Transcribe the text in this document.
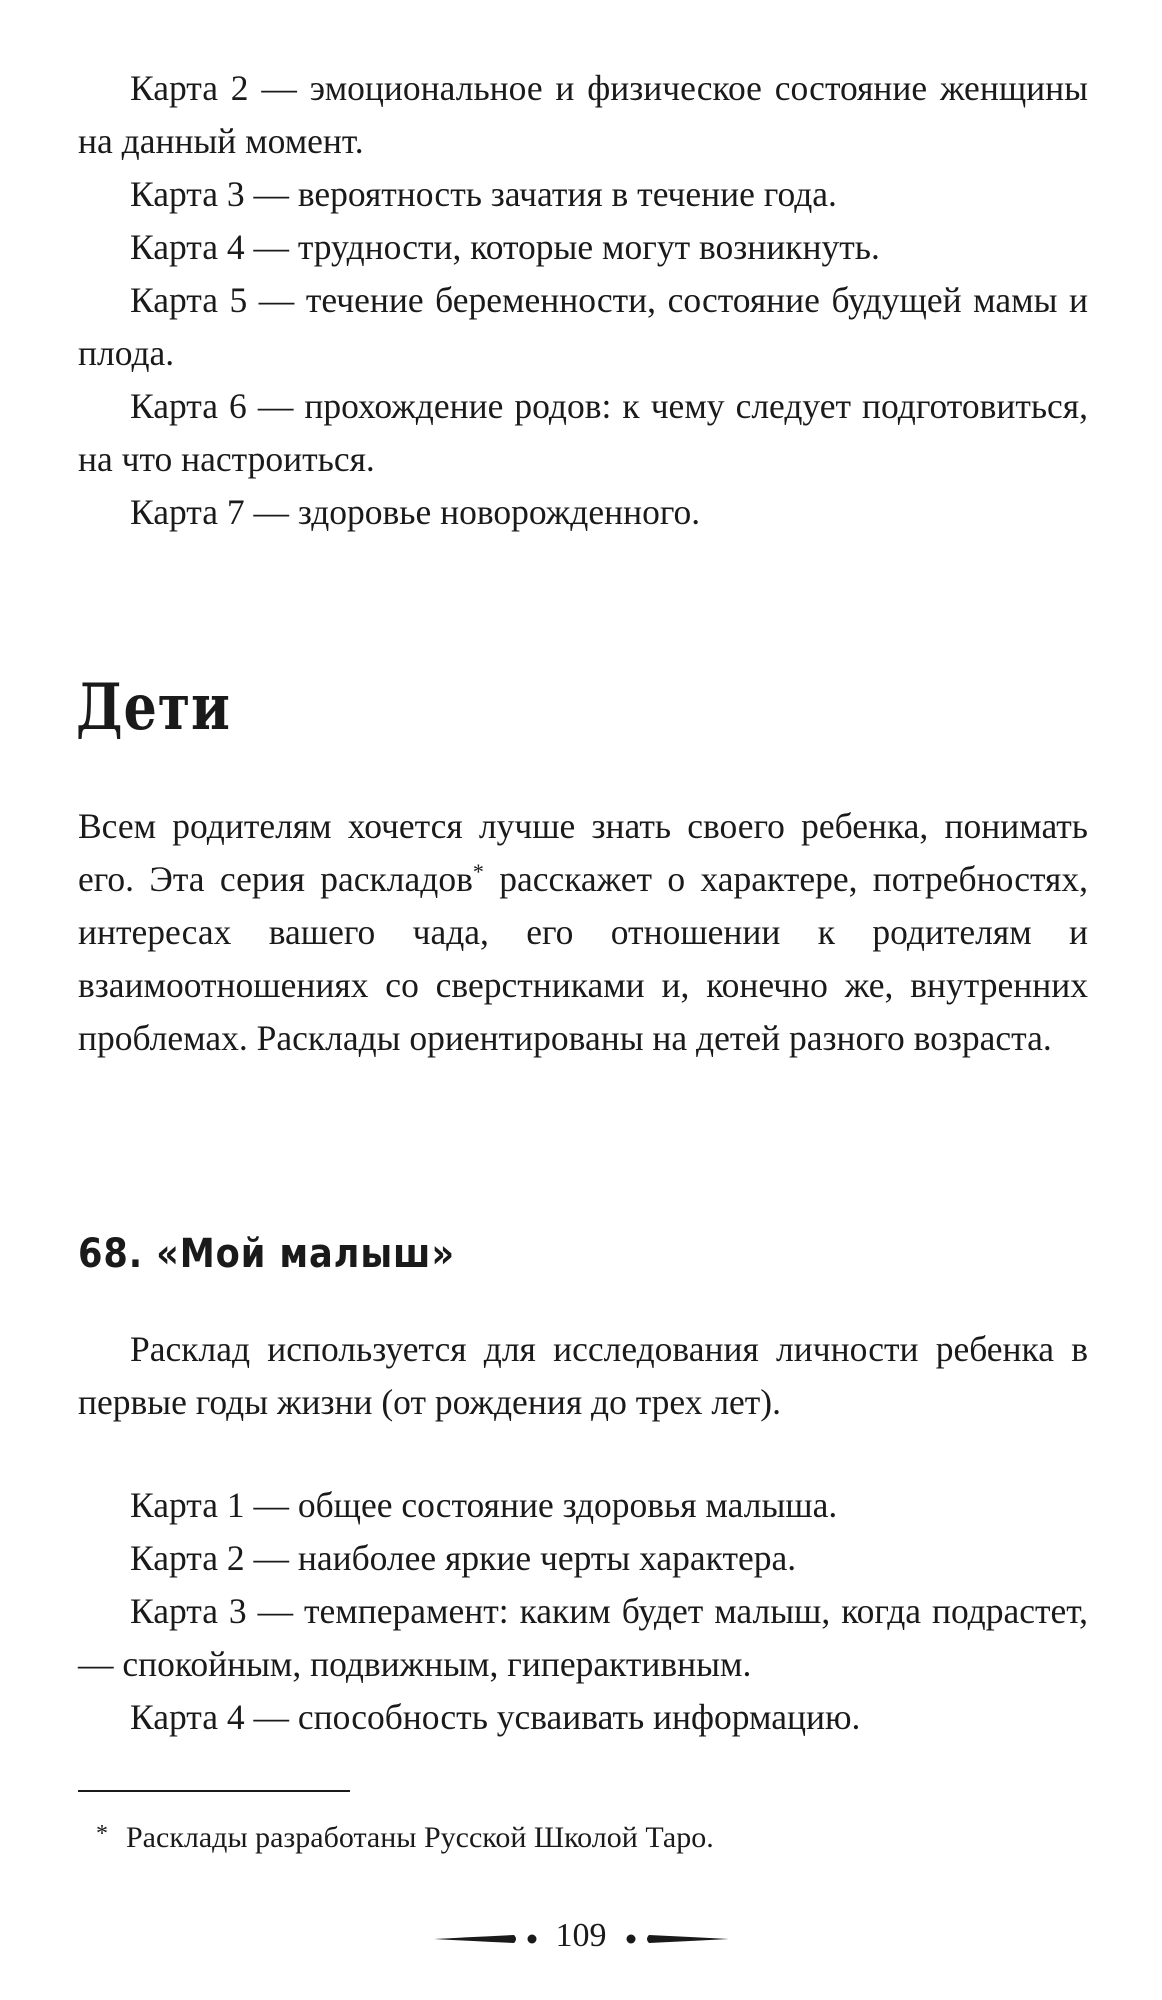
Карта 2 — эмоциональное и физическое состояние женщины на данный момент.

Карта 3 — вероятность зачатия в течение года.

Карта 4 — трудности, которые могут возникнуть.

Карта 5 — течение беременности, состояние будущей мамы и плода.

Карта 6 — прохождение родов: к чему следует подготовиться, на что настроиться.

Карта 7 — здоровье новорожденного.

Дети

Всем родителям хочется лучше знать своего ребенка, понимать его. Эта серия раскладов* расскажет о характере, потребностях, интересах вашего чада, его отношении к родителям и взаимоотношениях со сверстниками и, конечно же, внутренних проблемах. Расклады ориентированы на детей разного возраста.

68. «Мой малыш»

Расклад используется для исследования личности ребенка в первые годы жизни (от рождения до трех лет).

Карта 1 — общее состояние здоровья малыша.

Карта 2 — наиболее яркие черты характера.

Карта 3 — темперамент: каким будет малыш, когда подрастет, — спокойным, подвижным, гиперактивным.

Карта 4 — способность усваивать информацию.

* Расклады разработаны Русской Школой Таро.

109
